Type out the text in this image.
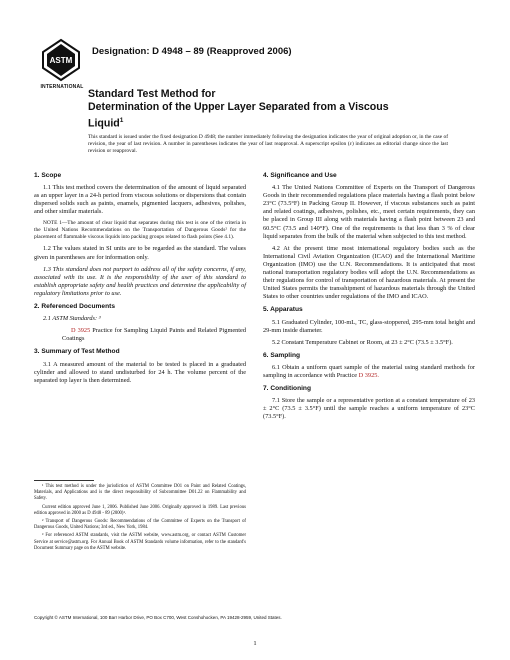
ASTM
INTERNATIONAL
Designation: D 4948 – 89 (Reapproved 2006)
Standard Test Method for
Determination of the Upper Layer Separated from a Viscous
Liquid$^1$
This standard is issued under the fixed designation D 4948; the number immediately following the designation indicates the year of original adoption or, in the case of revision, the year of last revision. A number in parentheses indicates the year of last reapproval. A superscript epsilon (ε) indicates an editorial change since the last revision or reapproval.
1. Scope

1.1 This test method covers the determination of the amount of liquid separated as an upper layer in a 24-h period from viscous solutions or dispersions that contain dispersed solids such as paints, enamels, pigmented lacquers, adhesives, polishes, and other similar materials.

NOTE 1—The amount of clear liquid that separates during this test is one of the criteria in the United Nations Recommendations on the Transportation of Dangerous Goods² for the placement of flammable viscous liquids into packing groups related to flash points (See 4.1).

1.2 The values stated in SI units are to be regarded as the standard. The values given in parentheses are for information only.

1.3 This standard does not purport to address all of the safety concerns, if any, associated with its use. It is the responsibility of the user of this standard to establish appropriate safety and health practices and determine the applicability of regulatory limitations prior to use.

2. Referenced Documents

2.1 ASTM Standards: ³

D 3925 Practice for Sampling Liquid Paints and Related Pigmented Coatings

3. Summary of Test Method

3.1 A measured amount of the material to be tested is placed in a graduated cylinder and allowed to stand undisturbed for 24 h. The volume percent of the separated top layer is then determined.

4. Significance and Use

4.1 The United Nations Committee of Experts on the Transport of Dangerous Goods in their recommended regulations place materials having a flash point below 23°C (73.5°F) in Packing Group II. However, if viscous substances such as paint and related coatings, adhesives, polishes, etc., meet certain requirements, they can be placed in Group III along with materials having a flash point between 23 and 60.5°C (73.5 and 140°F). One of the requirements is that less than 3 % of clear liquid separates from the bulk of the material when subjected to this test method.

4.2 At the present time most international regulatory bodies such as the International Civil Aviation Organization (ICAO) and the International Maritime Organization (IMO) use the U.N. Recommendations. It is anticipated that most national transportation regulatory bodies will adopt the U.N. Recommendations as their regulations for control of transportation of hazardous materials. At present the United States permits the transshipment of hazardous materials through the United States to other countries under regulations of the IMO and ICAO.

5. Apparatus

5.1 Graduated Cylinder, 100-mL, TC, glass-stoppered, 295-mm total height and 29-mm inside diameter.

5.2 Constant Temperature Cabinet or Room, at 23 ± 2°C (73.5 ± 3.5°F).

6. Sampling

6.1 Obtain a uniform quart sample of the material using standard methods for sampling in accordance with Practice D 3925.

7. Conditioning

7.1 Store the sample or a representative portion at a constant temperature of 23 ± 2°C (73.5 ± 3.5°F) until the sample reaches a uniform temperature of 23°C (73.5°F).

¹ This test method is under the jurisdiction of ASTM Committee D01 on Paint and Related Coatings, Materials, and Applications and is the direct responsibility of Subcommittee D01.22 on Flammability and Safety.

Current edition approved June 1, 2006. Published June 2006. Originally approved in 1989. Last previous edition approved in 2000 as D 4948 - 89 (2000)¹.

² Transport of Dangerous Goods: Recommendations of the Committee of Experts on the Transport of Dangerous Goods, United Nations; 3rd ed., New York, 1984.

³ For referenced ASTM standards, visit the ASTM website, www.astm.org, or contact ASTM Customer Service at service@astm.org. For Annual Book of ASTM Standards volume information, refer to the standard's Document Summary page on the ASTM website.

Copyright © ASTM International, 100 Barr Harbor Drive, PO Box C700, West Conshohocken, PA 19428-2959, United States.
1
